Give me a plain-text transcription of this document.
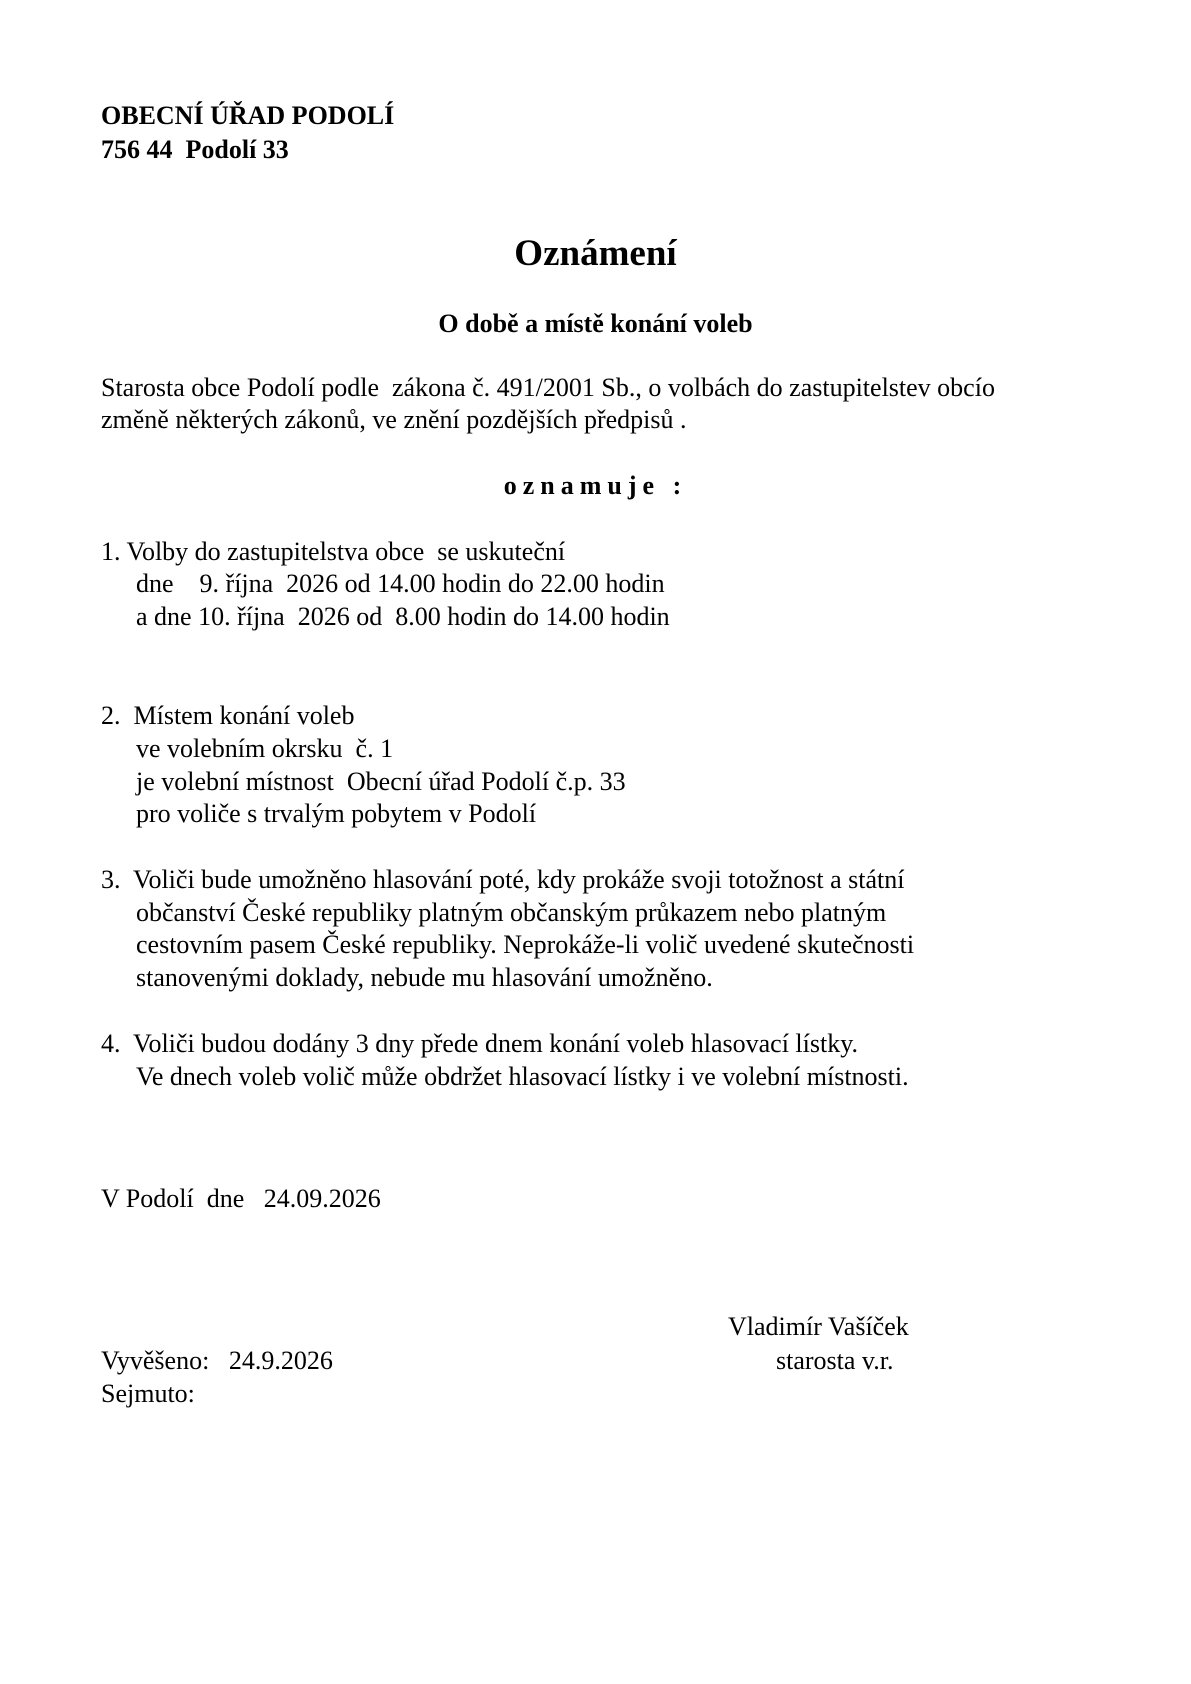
OBECNÍ ÚŘAD PODOLÍ
756 44  Podolí 33
Oznámení
O době a místě konání voleb
Starosta obce Podolí podle  zákona č. 491/2001 Sb., o volbách do zastupitelstev obcío
změně některých zákonů, ve znění pozdějších předpisů .
oznamuje :
1. Volby do zastupitelstva obce  se uskuteční
dne    9. října  2026 od 14.00 hodin do 22.00 hodin
a dne 10. října  2026 od  8.00 hodin do 14.00 hodin
2.  Místem konání voleb
ve volebním okrsku  č. 1
je volební místnost  Obecní úřad Podolí č.p. 33
pro voliče s trvalým pobytem v Podolí
3.  Voliči bude umožněno hlasování poté, kdy prokáže svoji totožnost a státní
občanství České republiky platným občanským průkazem nebo platným
cestovním pasem České republiky. Neprokáže-li volič uvedené skutečnosti
stanovenými doklady, nebude mu hlasování umožněno.
4.  Voliči budou dodány 3 dny přede dnem konání voleb hlasovací lístky.
Ve dnech voleb volič může obdržet hlasovací lístky i ve volební místnosti.
V Podolí  dne   24.09.2026
Vladimír Vašíček
starosta v.r.
Vyvěšeno:   24.9.2026
Sejmuto:
